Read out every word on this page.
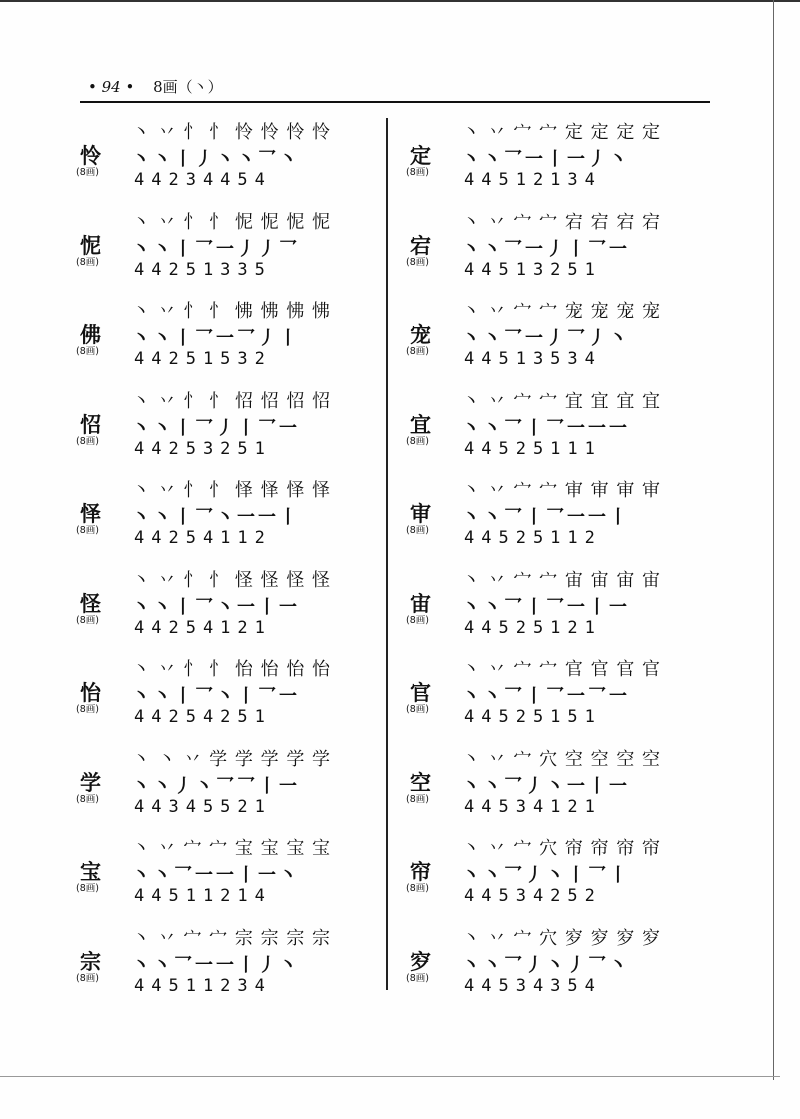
• 94 • 8画（丶）
怜
(8画)
丶 丷 忄 忄 怜 怜 怜 怜
丶丶丨丿丶丶乛丶
44234454
怩
(8画)
丶 丷 忄 忄 怩 怩 怩 怩
丶丶丨乛一丿丿乛
44251335
佛
(8画)
丶 丷 忄 忄 怫 怫 怫 怫
丶丶丨乛一乛丿丨
44251532
怊
(8画)
丶 丷 忄 忄 怊 怊 怊 怊
丶丶丨乛丿丨乛一
44253251
怿
(8画)
丶 丷 忄 忄 怿 怿 怿 怿
丶丶丨乛丶一一丨
44254112
怪
(8画)
丶 丷 忄 忄 怪 怪 怪 怪
丶丶丨乛丶一丨一
44254121
怡
(8画)
丶 丷 忄 忄 怡 怡 怡 怡
丶丶丨乛丶丨乛一
44254251
学
(8画)
丶 丶 丷 学 学 学 学 学
丶丶丿丶乛乛丨一
44345521
宝
(8画)
丶 丷 宀 宀 宝 宝 宝 宝
丶丶乛一一丨一丶
44511214
宗
(8画)
丶 丷 宀 宀 宗 宗 宗 宗
丶丶乛一一丨丿丶
44511234
定
(8画)
丶 丷 宀 宀 定 定 定 定
丶丶乛一丨一丿丶
44512134
宕
(8画)
丶 丷 宀 宀 宕 宕 宕 宕
丶丶乛一丿丨乛一
44513251
宠
(8画)
丶 丷 宀 宀 宠 宠 宠 宠
丶丶乛一丿乛丿丶
44513534
宜
(8画)
丶 丷 宀 宀 宜 宜 宜 宜
丶丶乛丨乛一一一
44525111
审
(8画)
丶 丷 宀 宀 审 审 审 审
丶丶乛丨乛一一丨
44525112
宙
(8画)
丶 丷 宀 宀 宙 宙 宙 宙
丶丶乛丨乛一丨一
44525121
官
(8画)
丶 丷 宀 宀 官 官 官 官
丶丶乛丨乛一乛一
44525151
空
(8画)
丶 丷 宀 穴 空 空 空 空
丶丶乛丿丶一丨一
44534121
帘
(8画)
丶 丷 宀 穴 帘 帘 帘 帘
丶丶乛丿丶丨乛丨
44534252
穸
(8画)
丶 丷 宀 穴 穸 穸 穸 穸
丶丶乛丿丶丿乛丶
44534354
